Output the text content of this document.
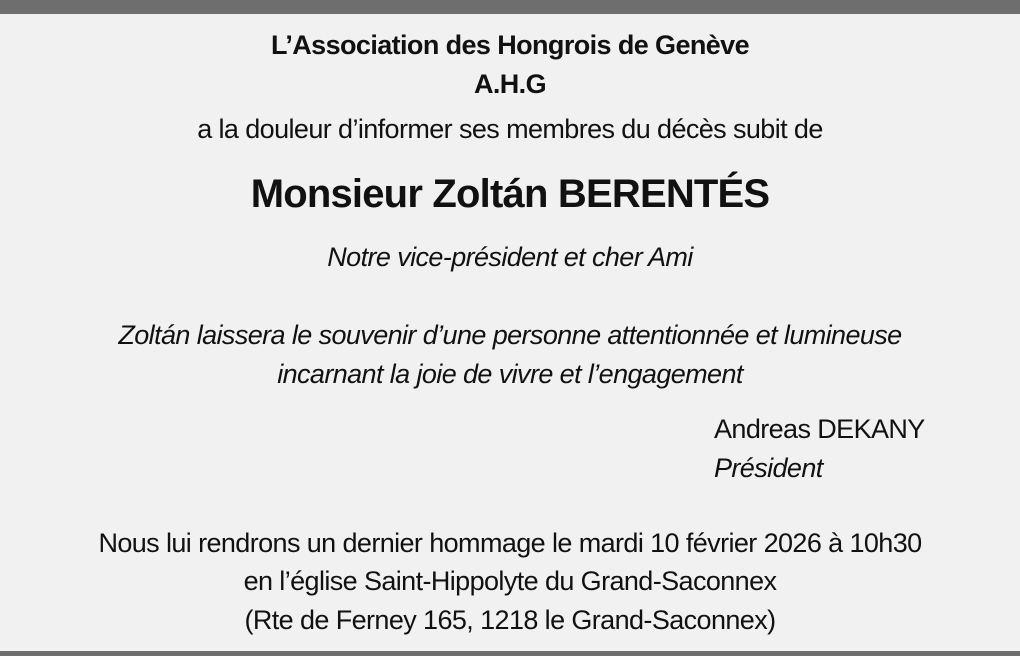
L’Association des Hongrois de Genève
A.H.G
a la douleur d’informer ses membres du décès subit de
Monsieur Zoltán BERENTÉS
Notre vice-président et cher Ami
Zoltán laissera le souvenir d’une personne attentionnée et lumineuse
incarnant la joie de vivre et l’engagement
Andreas DEKANY
Président
Nous lui rendrons un dernier hommage le mardi 10 février 2026 à 10h30
en l’église Saint-Hippolyte du Grand-Saconnex
(Rte de Ferney 165, 1218 le Grand-Saconnex)
